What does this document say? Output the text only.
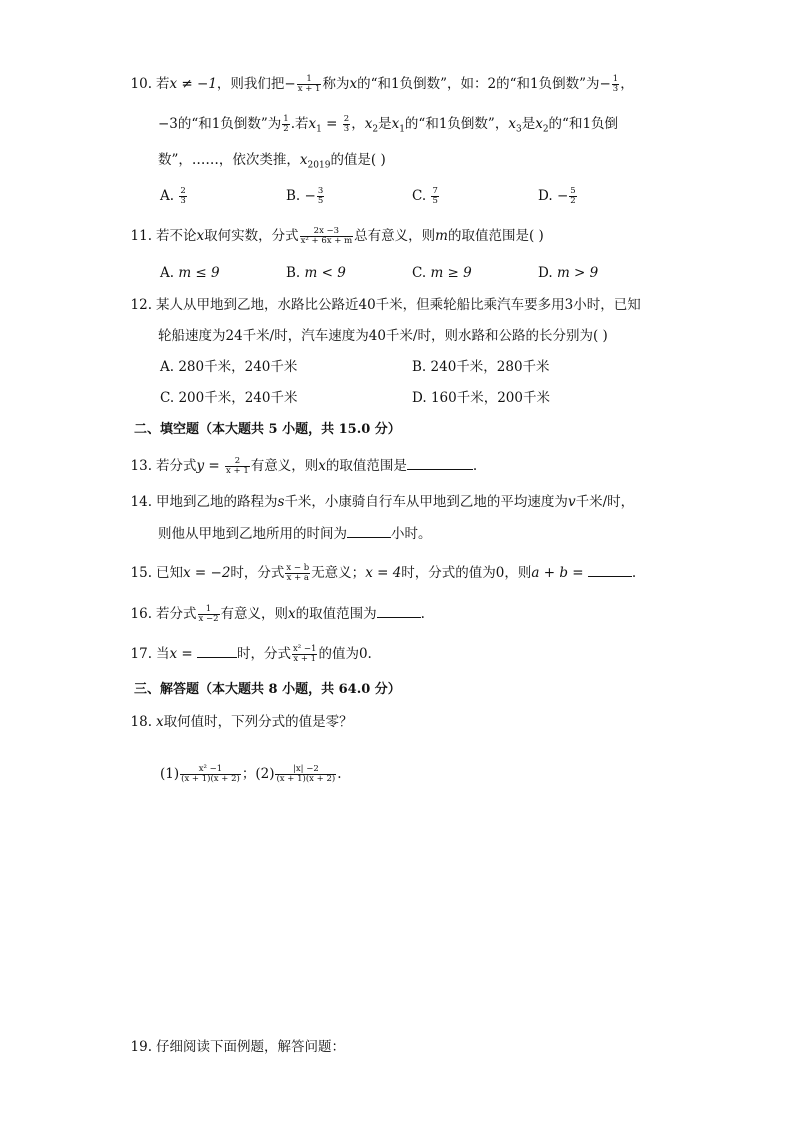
10. 若x ≠ −1，则我们把− $\frac{1}{x + 1}$ 称为x的“和1负倒数”，如：2的“和1负倒数”为− $\frac{1}{3}$ ，
−3的“和1负倒数”为 $\frac{1}{2}$ .若$x_1 = \frac{2}{3}$ ，$x_2$是$x_1$的“和1负倒数”，$x_3$是$x_2$的“和1负倒
数”，……，依次类推，$x_{2019}$的值是( )
A. $\frac{2}{3}$	B. − $\frac{3}{5}$	C. $\frac{7}{5}$	D. − $\frac{5}{2}$
11. 若不论x取何实数，分式 $\frac{2x -3}{\text{x² + 6x + m}}$ 总有意义，则m的取值范围是( )
A. m ≤ 9	B. m < 9	C. m ≥ 9	D. m > 9
12. 某人从甲地到乙地，水路比公路近40千米，但乘轮船比乘汽车要多用3小时，已知
轮船速度为24千米/时，汽车速度为40千米/时，则水路和公路的长分别为( )
A. 280千米，240千米	B. 240千米，280千米
C. 200千米，240千米	D. 160千米，200千米
二、填空题（本大题共 5 小题，共 15.0 分）
13. 若分式$y = \frac{2}{x + 1}$ 有意义，则x的取值范围是	.
14. 甲地到乙地的路程为s千米，小康骑自行车从甲地到乙地的平均速度为v千米/时，
则他从甲地到乙地所用的时间为	小时。
15. 已知x = −2时，分式 $\frac{x - b}{x + a}$ 无意义；x = 4时，分式的值为0，则a + b =	.
16. 若分式 $\frac{1}{x -2}$ 有意义，则x的取值范围为	.
17. 当x =	时，分式 $\frac{\text{x² −1}}{x + 1}$ 的值为0.
三、解答题（本大题共 8 小题，共 64.0 分）
18. x取何值时，下列分式的值是零？
$(1) \frac{\text{x² −1}}{(x + 1)(x + 2)}$ ；$(2) \frac{|x| -2}{(x + 1)(x + 2)}$ .
19. 仔细阅读下面例题，解答问题：
